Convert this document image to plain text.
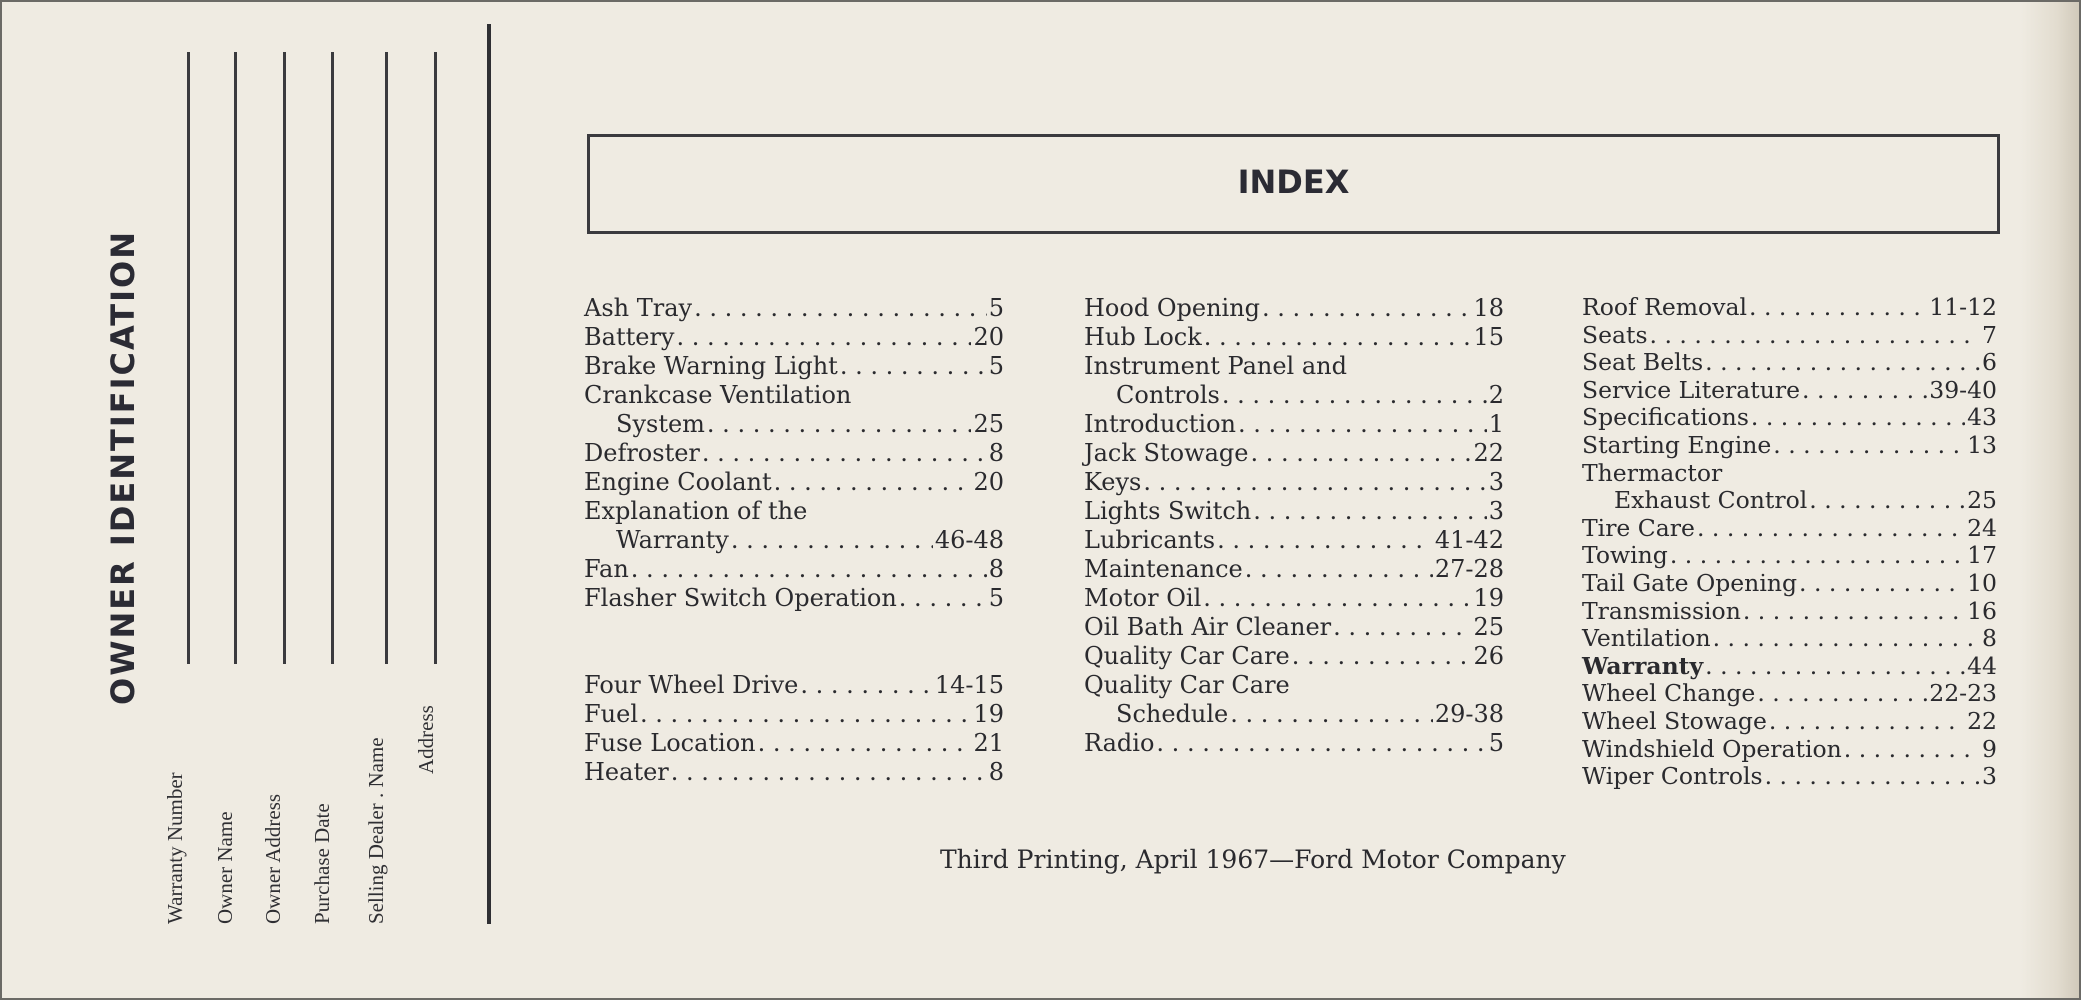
OWNER IDENTIFICATION
Warranty Number Owner Name Owner Address Purchase Date Selling Dealer . Name Address
INDEX
Ash Tray . . .	5
Battery . . .	20
Brake Warning Light . . .	5
Crankcase Ventilation
System . . .	25
Defroster . . .	8
Engine Coolant . . .	20
Explanation of the
Warranty . . .	46-48
Fan . . .	8
Flasher Switch Operation . . .	5
Four Wheel Drive . . .	14-15
Fuel . . .	19
Fuse Location . . .	21
Heater . . .	8
Hood Opening . . .	18
Hub Lock . . .	15
Instrument Panel and
Controls . . .	2
Introduction . . .	1
Jack Stowage . . .	22
Keys . . .	3
Lights Switch . . .	3
Lubricants . . .	41-42
Maintenance . . .	27-28
Motor Oil . . .	19
Oil Bath Air Cleaner . . .	25
Quality Car Care . . .	26
Quality Car Care
Schedule . . .	29-38
Radio . . .	5
Roof Removal . . .	11-12
Seats . . .	7
Seat Belts . . .	6
Service Literature . . .	39-40
Specifications . . .	43
Starting Engine . . .	13
Thermactor
Exhaust Control . . .	25
Tire Care . . .	24
Towing . . .	17
Tail Gate Opening . . .	10
Transmission . . .	16
Ventilation . . .	8
Warranty . . .	44
Wheel Change . . .	22-23
Wheel Stowage . . .	22
Windshield Operation . . .	9
Wiper Controls . . .	3
Third Printing, April 1967—Ford Motor Company
